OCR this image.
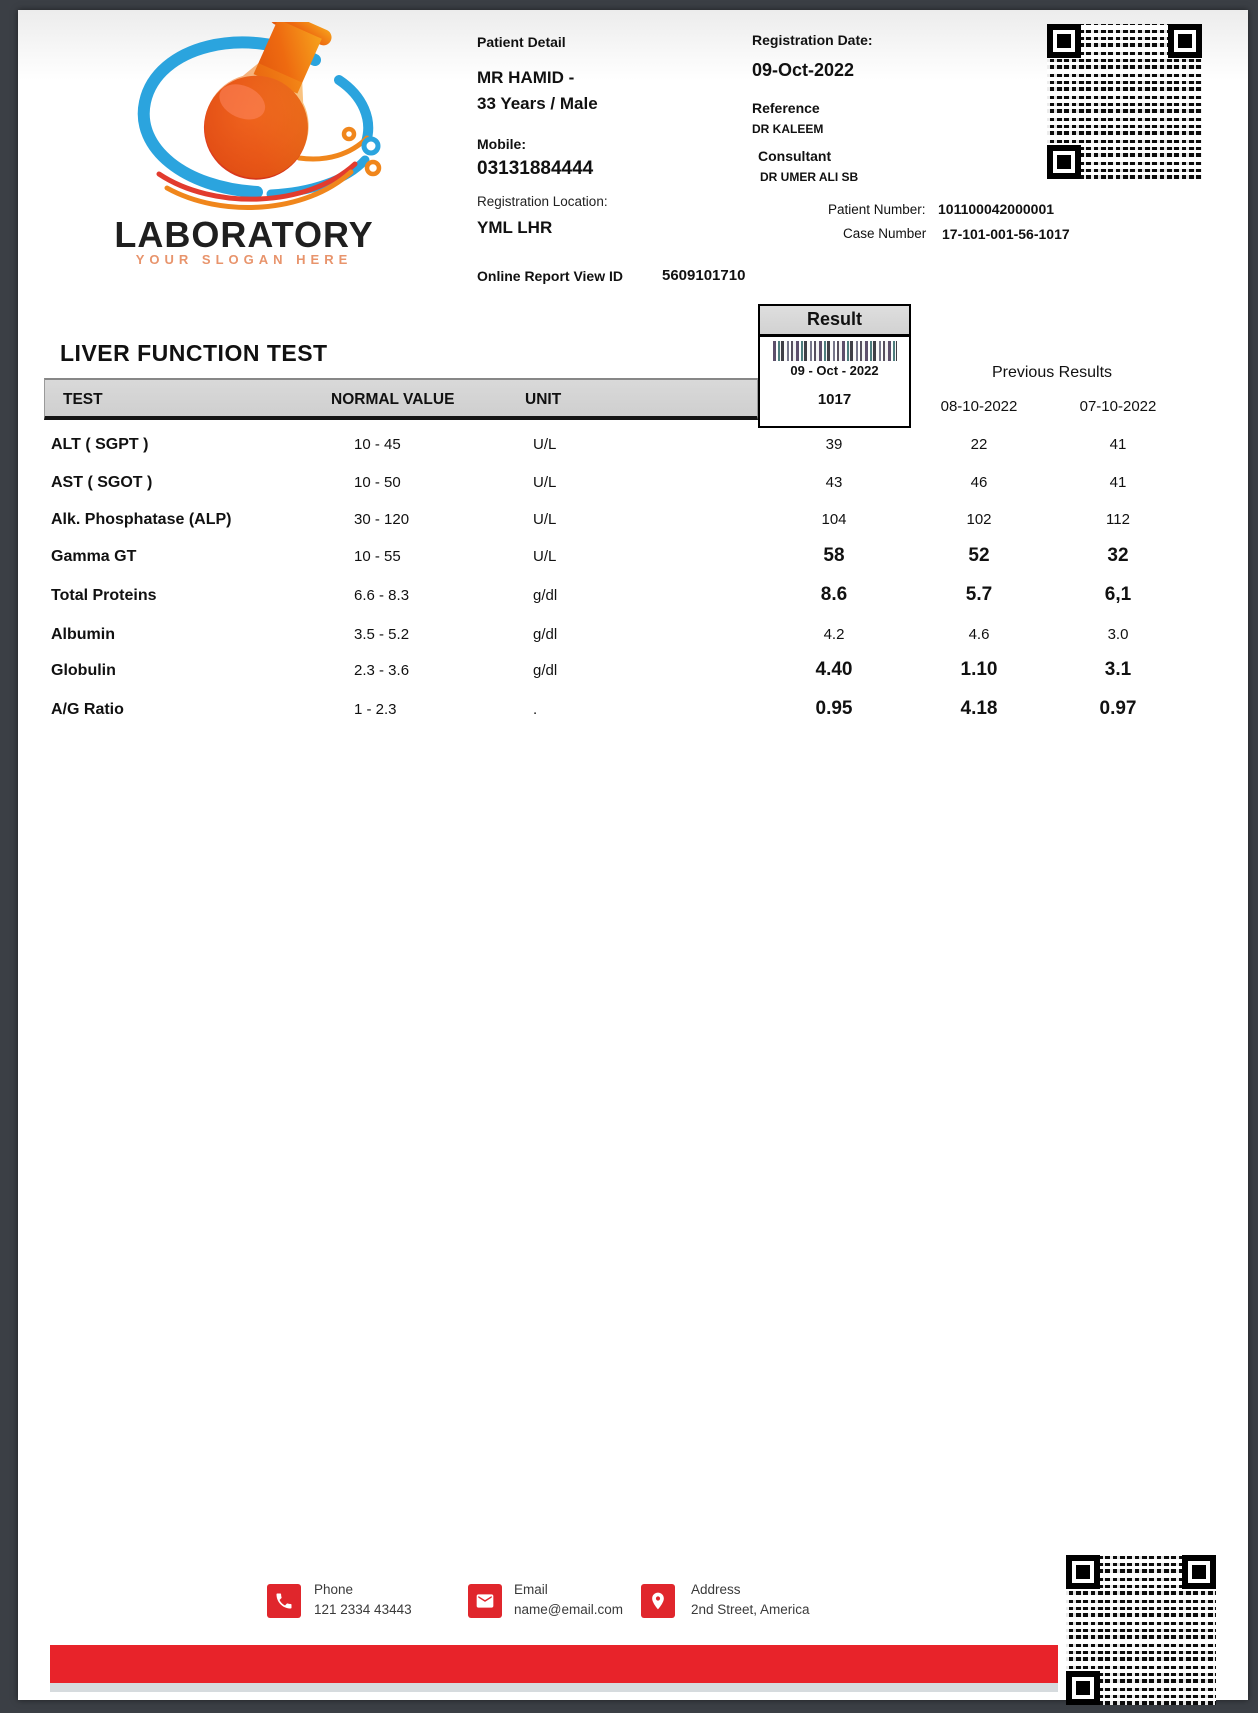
LABORATORY
YOUR SLOGAN HERE
Patient Detail
MR HAMID -
33 Years / Male
Mobile:
03131884444
Registration Location:
YML LHR
Online Report View ID	5609101710
Registration Date:
09-Oct-2022
Reference
DR KALEEM
Consultant
DR UMER ALI SB
Patient Number: 101100042000001
Case Number 17-101-001-56-1017
LIVER FUNCTION TEST
Result
09 - Oct - 2022
1017
Previous Results
08-10-2022	07-10-2022
TEST	NORMAL VALUE	UNIT
ALT ( SGPT )	10 - 45	U/L	39	22	41
AST ( SGOT )	10 - 50	U/L	43	46	41
Alk. Phosphatase (ALP)	30 - 120	U/L	104	102	112
Gamma GT	10 - 55	U/L	58	52	32
Total Proteins	6.6 - 8.3	g/dl	8.6	5.7	6,1
Albumin	3.5 - 5.2	g/dl	4.2	4.6	3.0
Globulin	2.3 - 3.6	g/dl	4.40	1.10	3.1
A/G Ratio	1 - 2.3	.	0.95	4.18	0.97
Phone
121 2334 43443
Email
name@email.com
Address
2nd Street, America
